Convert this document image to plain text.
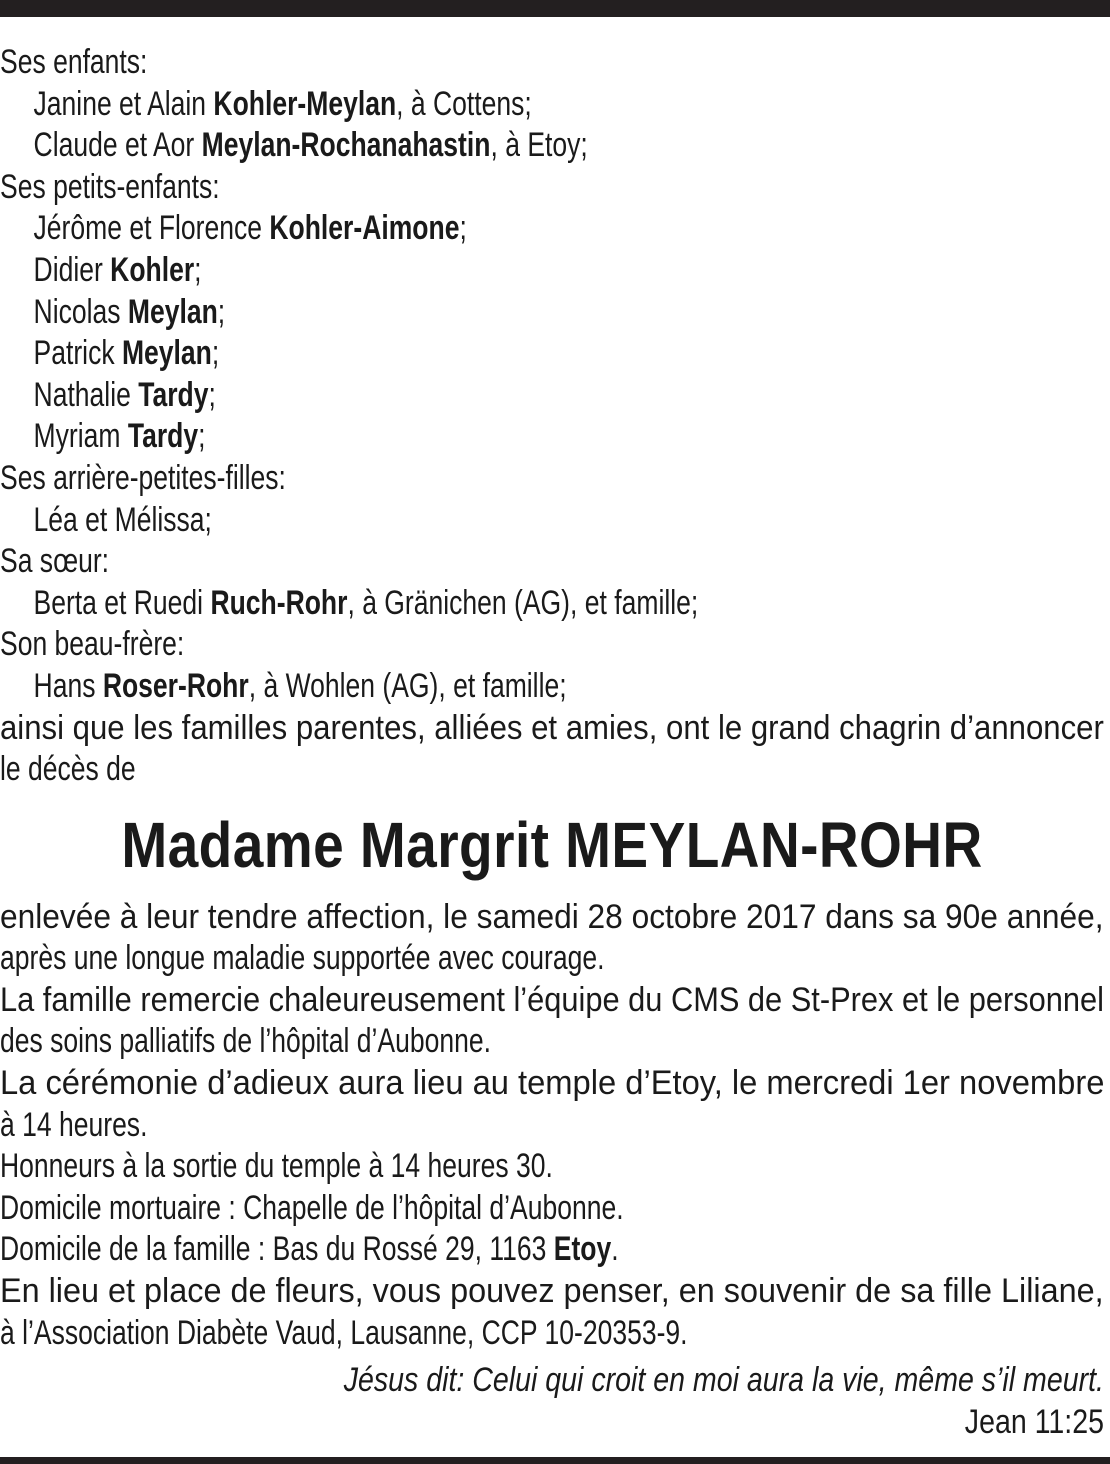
Ses enfants:
Janine et Alain Kohler-Meylan, à Cottens;
Claude et Aor Meylan-Rochanahastin, à Etoy;
Ses petits-enfants:
Jérôme et Florence Kohler-Aimone;
Didier Kohler;
Nicolas Meylan;
Patrick Meylan;
Nathalie Tardy;
Myriam Tardy;
Ses arrière-petites-filles:
Léa et Mélissa;
Sa sœur:
Berta et Ruedi Ruch-Rohr, à Gränichen (AG), et famille;
Son beau-frère:
Hans Roser-Rohr, à Wohlen (AG), et famille;
ainsi que les familles parentes, alliées et amies, ont le grand chagrin d’annoncer
le décès de
Madame Margrit MEYLAN-ROHR
enlevée à leur tendre affection, le samedi 28 octobre 2017 dans sa 90e année,
après une longue maladie supportée avec courage.
La famille remercie chaleureusement l’équipe du CMS de St-Prex et le personnel
des soins palliatifs de l’hôpital d’Aubonne.
La cérémonie d’adieux aura lieu au temple d’Etoy, le mercredi 1er novembre
à 14 heures.
Honneurs à la sortie du temple à 14 heures 30.
Domicile mortuaire : Chapelle de l’hôpital d’Aubonne.
Domicile de la famille : Bas du Rossé 29, 1163 Etoy.
En lieu et place de fleurs, vous pouvez penser, en souvenir de sa fille Liliane,
à l’Association Diabète Vaud, Lausanne, CCP 10-20353-9.
Jésus dit: Celui qui croit en moi aura la vie, même s’il meurt.
Jean 11:25
